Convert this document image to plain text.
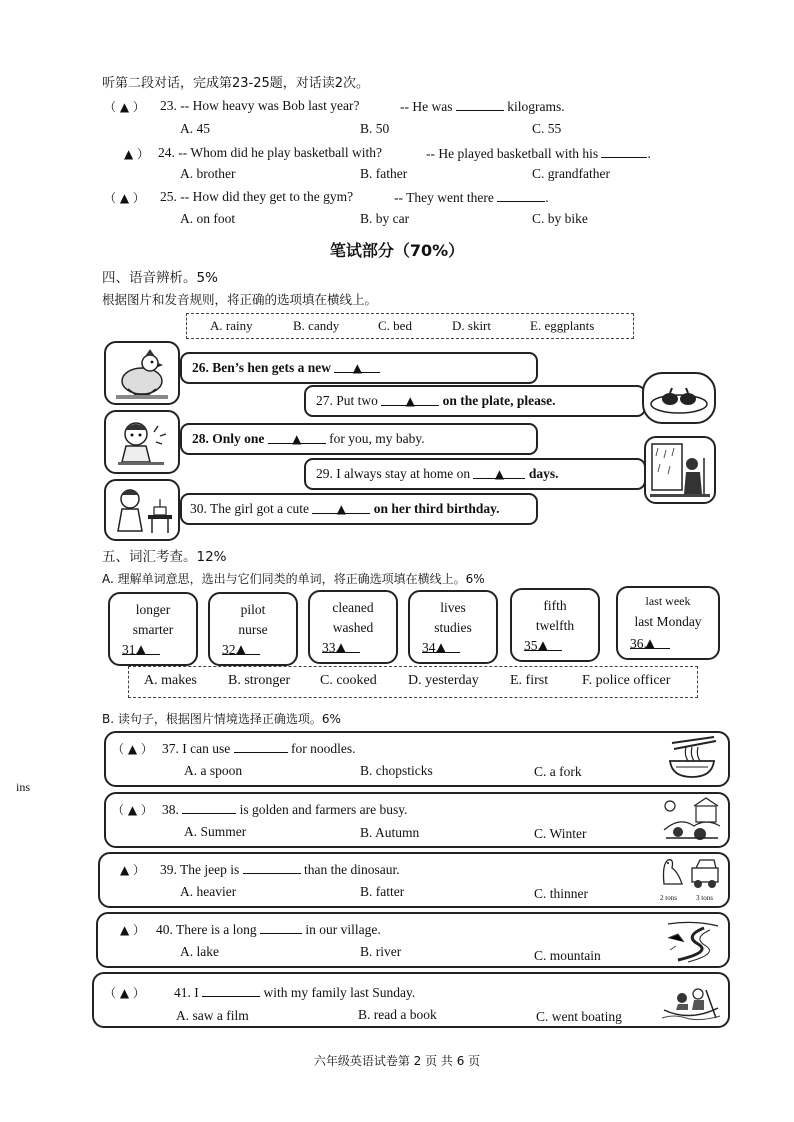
听第二段对话，完成第23-25题，对话读2次。
（ ▲ ） 23. -- How heavy was Bob last year?	-- He was	kilograms.
A. 45	B. 50	C. 55
▲ ） 24. -- Whom did he play basketball with?	-- He played basketball with his	.
A. brother	B. father	C. grandfather
（ ▲ ） 25. -- How did they get to the gym?	-- They went there	.
A. on foot	B. by car	C. by bike
笔试部分（70%）
四、语音辨析。5%
根据图片和发音规则，将正确的选项填在横线上。
A. rainy	B. candy	C. bed	D. skirt	E. eggplants
26. Ben’s hen gets a new ▲
27. Put two ▲ on the plate, please.
28. Only one ▲ for you, my baby.
29. I always stay at home on ▲ days.
30. The girl got a cute ▲ on her third birthday.
五、词汇考查。12%
A. 理解单词意思，选出与它们同类的单词，将正确选项填在横线上。6%
longer
smarter
31.
▲
pilot
nurse
32.
▲
cleaned
washed
33.
▲
lives
studies
34.
▲
fifth
twelfth
35.
▲
last week
last Monday
36.
▲
A. makes B. stronger C. cooked D. yesterday E. first F. police officer
B. 读句子，根据图片情境选择正确选项。6%
（ ▲ ） 37. I can use	for noodles.
A. a spoon	B. chopsticks	C. a fork
（ ▲ ） 38.	is golden and farmers are busy.
A. Summer	B. Autumn	C. Winter
▲ ） 39. The jeep is	than the dinosaur.
A. heavier	B. fatter	C. thinner	2 tons	3 tons
▲ ） 40. There is a long	in our village.
A. lake	B. river	C. mountain
（ ▲ ） 41. I	with my family last Sunday.
A. saw a film	B. read a book	C. went boating
ins
六年级英语试卷第 2 页 共 6 页
